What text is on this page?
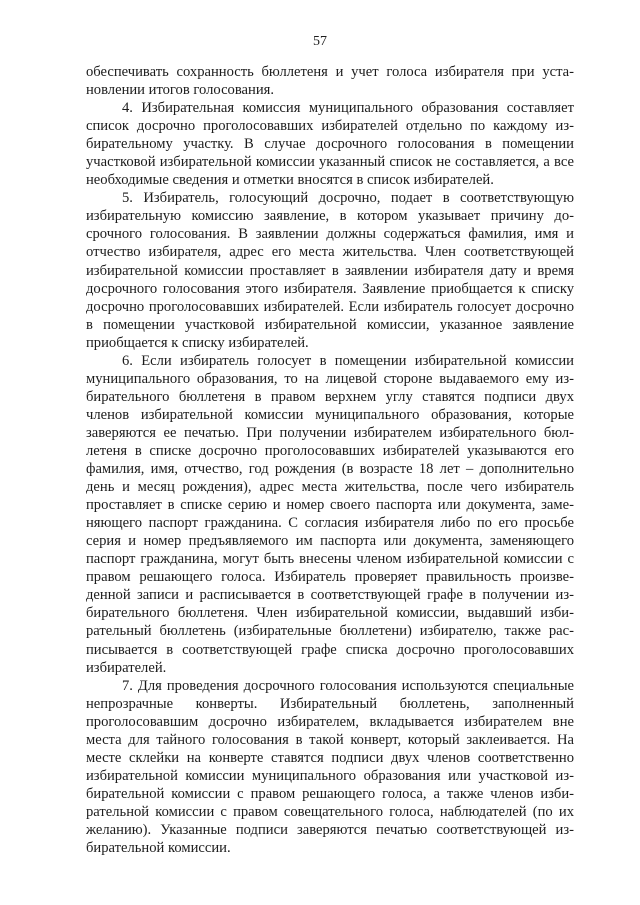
57

обеспечивать сохранность бюллетеня и учет голоса избирателя при установлении итогов голосования.

4. Избирательная комиссия муниципального образования составляет список досрочно проголосовавших избирателей отдельно по каждому избирательному участку. В случае досрочного голосования в помещении участковой избирательной комиссии указанный список не составляется, а все необходимые сведения и отметки вносятся в список избирателей.

5. Избиратель, голосующий досрочно, подает в соответствующую избирательную комиссию заявление, в котором указывает причину досрочного голосования. В заявлении должны содержаться фамилия, имя и отчество избирателя, адрес его места жительства. Член соответствующей избирательной комиссии проставляет в заявлении избирателя дату и время досрочного голосования этого избирателя. Заявление приобщается к списку досрочно проголосовавших избирателей. Если избиратель голосует досрочно в помещении участковой избирательной комиссии, указанное заявление приобщается к списку избирателей.

6. Если избиратель голосует в помещении избирательной комиссии муниципального образования, то на лицевой стороне выдаваемого ему избирательного бюллетеня в правом верхнем углу ставятся подписи двух членов избирательной комиссии муниципального образования, которые заверяются ее печатью. При получении избирателем избирательного бюллетеня в списке досрочно проголосовавших избирателей указываются его фамилия, имя, отчество, год рождения (в возрасте 18 лет – дополнительно день и месяц рождения), адрес места жительства, после чего избиратель проставляет в списке серию и номер своего паспорта или документа, заменяющего паспорт гражданина. С согласия избирателя либо по его просьбе серия и номер предъявляемого им паспорта или документа, заменяющего паспорт гражданина, могут быть внесены членом избирательной комиссии с правом решающего голоса. Избиратель проверяет правильность произведенной записи и расписывается в соответствующей графе в получении избирательного бюллетеня. Член избирательной комиссии, выдавший избирательный бюллетень (избирательные бюллетени) избирателю, также расписывается в соответствующей графе списка досрочно проголосовавших избирателей.

7. Для проведения досрочного голосования используются специальные непрозрачные конверты. Избирательный бюллетень, заполненный проголосовавшим досрочно избирателем, вкладывается избирателем вне места для тайного голосования в такой конверт, который заклеивается. На месте склейки на конверте ставятся подписи двух членов соответственно избирательной комиссии муниципального образования или участковой избирательной комиссии с правом решающего голоса, а также членов избирательной комиссии с правом совещательного голоса, наблюдателей (по их желанию). Указанные подписи заверяются печатью соответствующей избирательной комиссии.
